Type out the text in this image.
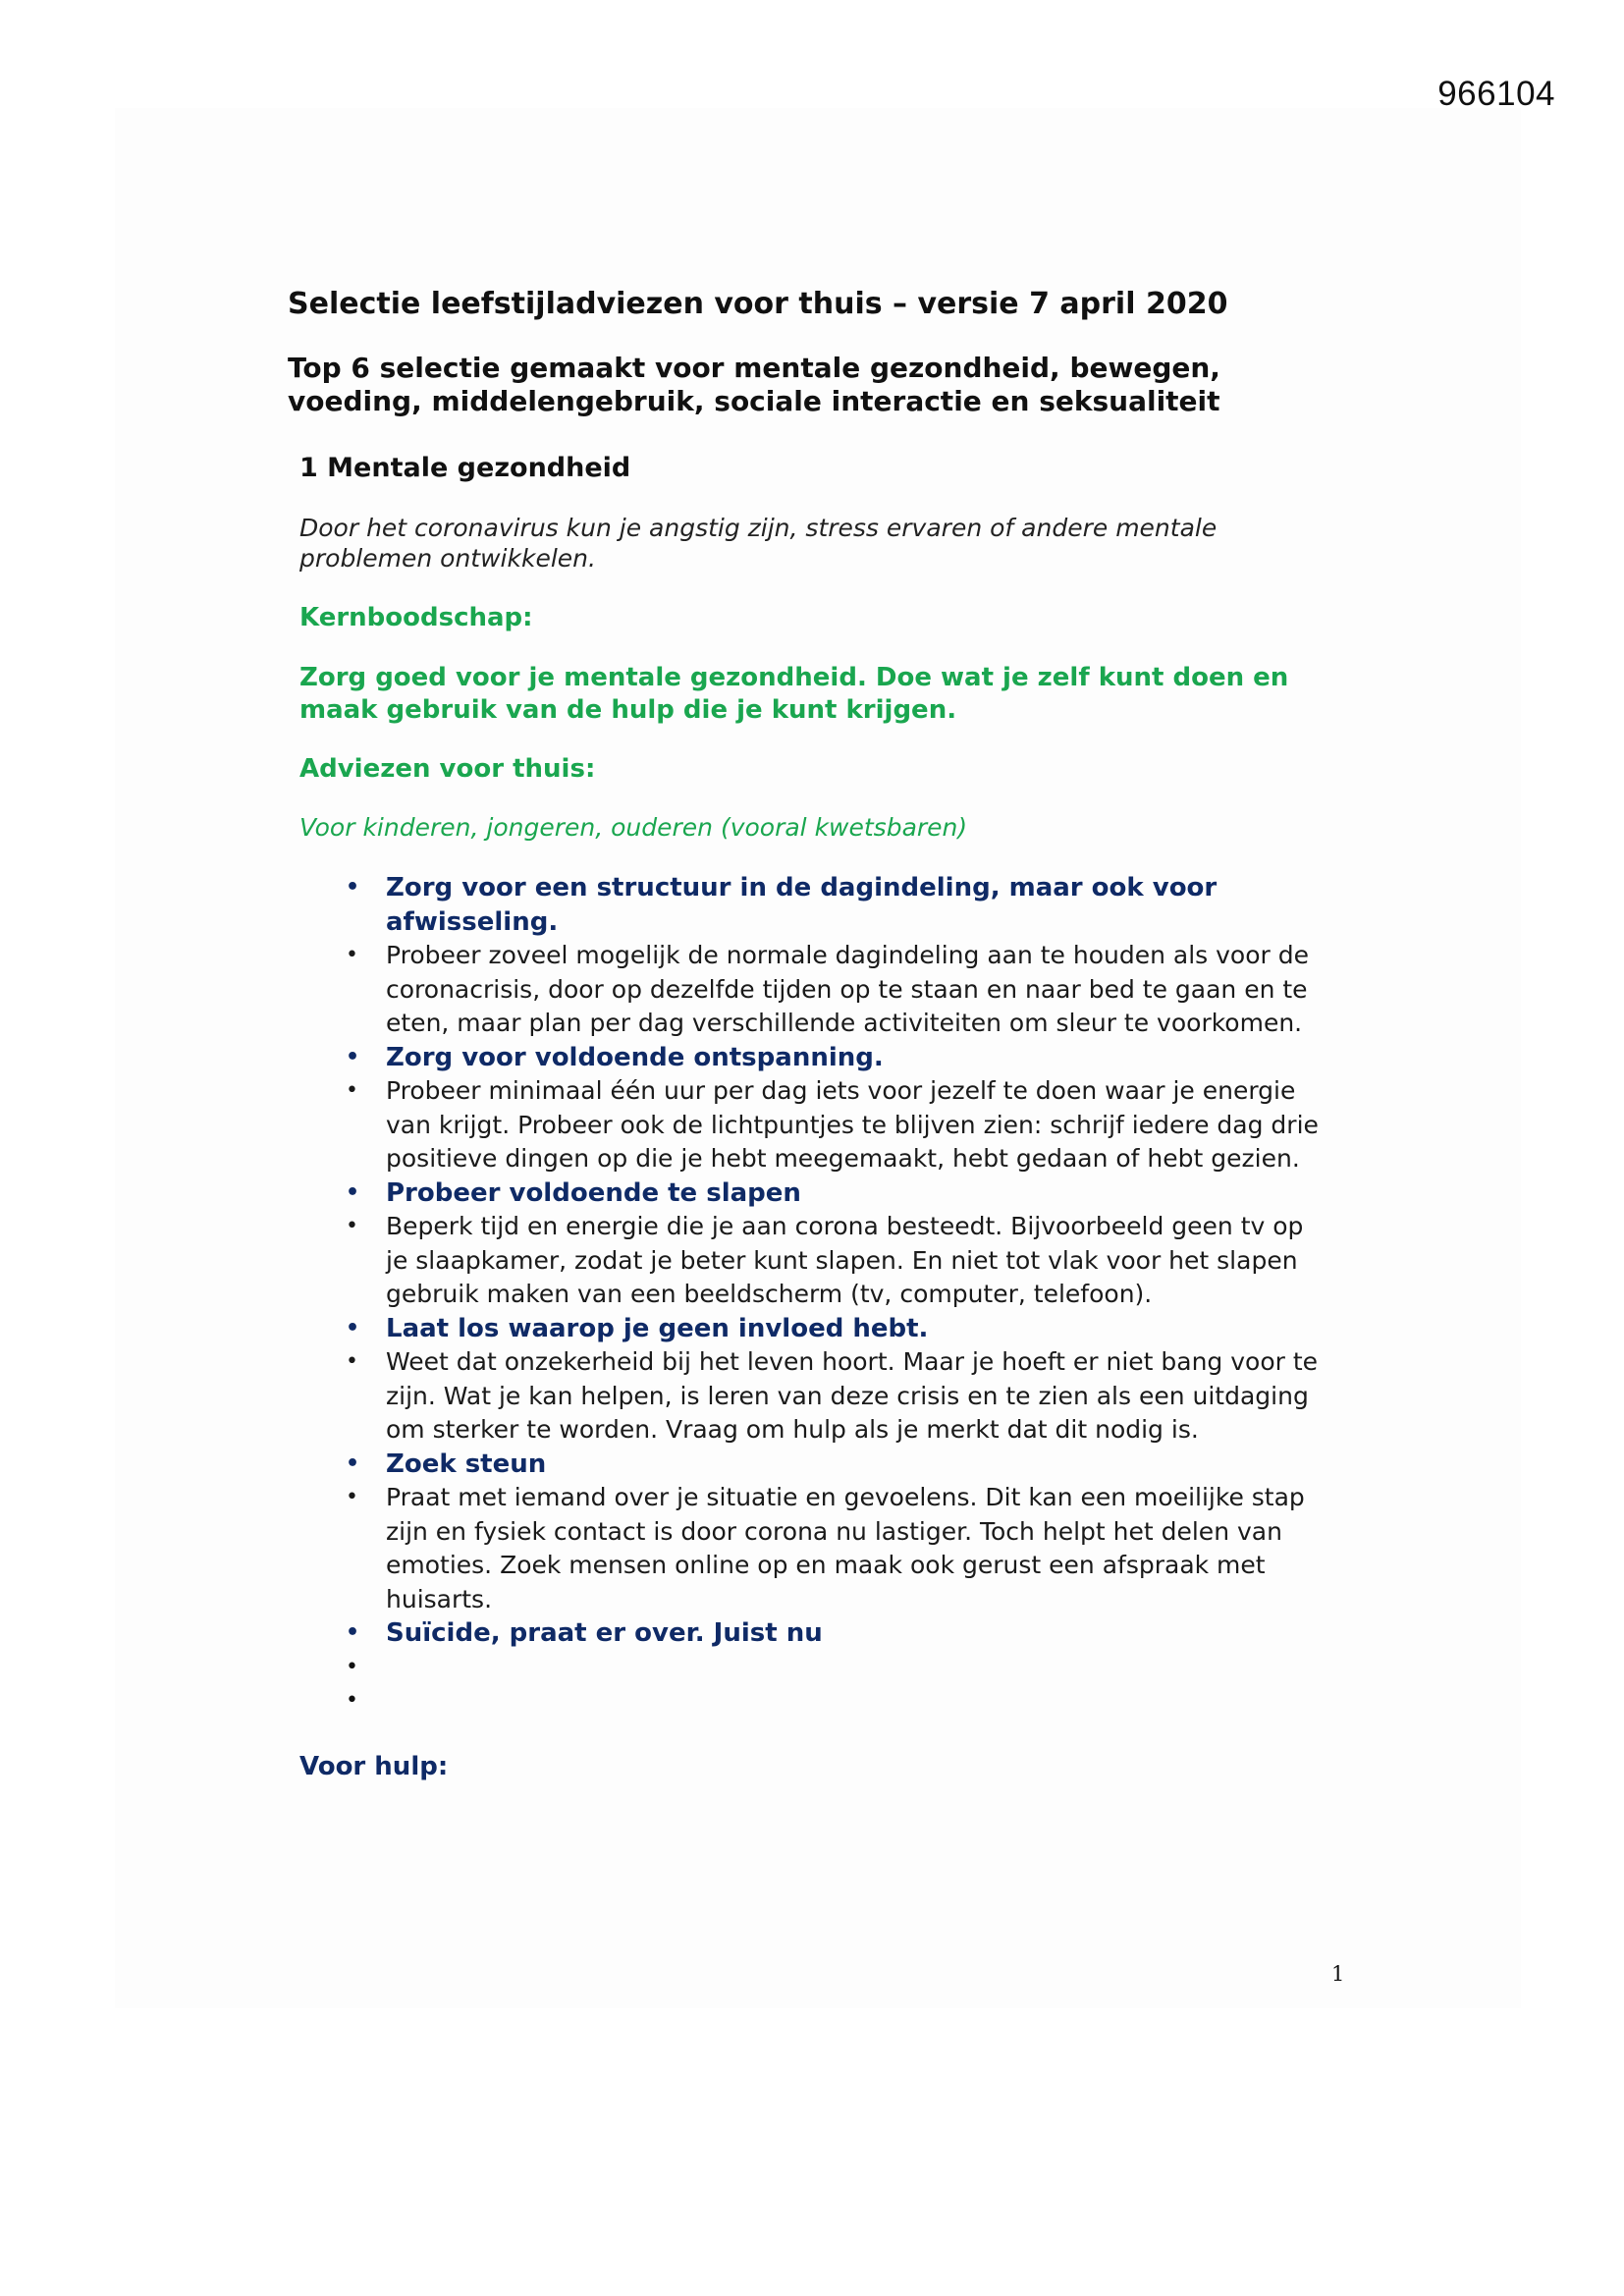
966104
Selectie leefstijladviezen voor thuis – versie 7 april 2020
Top 6 selectie gemaakt voor mentale gezondheid, bewegen, voeding, middelengebruik, sociale interactie en seksualiteit
1 Mentale gezondheid
Door het coronavirus kun je angstig zijn, stress ervaren of andere mentale problemen ontwikkelen.
Kernboodschap:
Zorg goed voor je mentale gezondheid. Doe wat je zelf kunt doen en maak gebruik van de hulp die je kunt krijgen.
Adviezen voor thuis:
Voor kinderen, jongeren, ouderen (vooral kwetsbaren)
• Zorg voor een structuur in de dagindeling, maar ook voor afwisseling.
• Probeer zoveel mogelijk de normale dagindeling aan te houden als voor de coronacrisis, door op dezelfde tijden op te staan en naar bed te gaan en te eten, maar plan per dag verschillende activiteiten om sleur te voorkomen.
• Zorg voor voldoende ontspanning.
• Probeer minimaal één uur per dag iets voor jezelf te doen waar je energie van krijgt. Probeer ook de lichtpuntjes te blijven zien: schrijf iedere dag drie positieve dingen op die je hebt meegemaakt, hebt gedaan of hebt gezien.
• Probeer voldoende te slapen
• Beperk tijd en energie die je aan corona besteedt. Bijvoorbeeld geen tv op je slaapkamer, zodat je beter kunt slapen. En niet tot vlak voor het slapen gebruik maken van een beeldscherm (tv, computer, telefoon).
• Laat los waarop je geen invloed hebt.
• Weet dat onzekerheid bij het leven hoort. Maar je hoeft er niet bang voor te zijn. Wat je kan helpen, is leren van deze crisis en te zien als een uitdaging om sterker te worden. Vraag om hulp als je merkt dat dit nodig is.
• Zoek steun
• Praat met iemand over je situatie en gevoelens. Dit kan een moeilijke stap zijn en fysiek contact is door corona nu lastiger. Toch helpt het delen van emoties. Zoek mensen online op en maak ook gerust een afspraak met huisarts.
• Suïcide, praat er over. Juist nu
•
•
Voor hulp:
1
